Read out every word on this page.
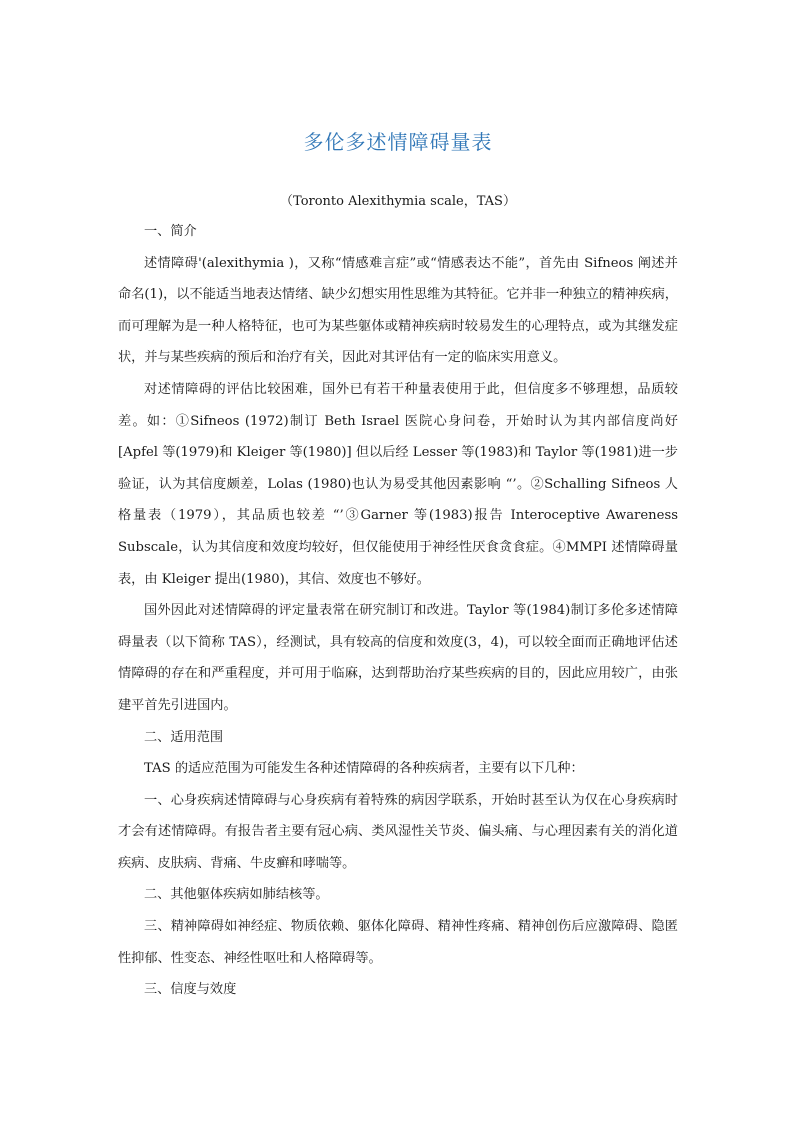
多伦多述情障碍量表
（Toronto Alexithymia scale，TAS）

一、简介

述情障碍'(alexithymia )，又称“情感难言症”或“情感表达不能”，首先由 Sifneos 阐述并命名(1)，以不能适当地表达情绪、缺少幻想实用性思维为其特征。它并非一种独立的精神疾病，而可理解为是一种人格特征，也可为某些躯体或精神疾病时较易发生的心理特点，或为其继发症状，并与某些疾病的预后和治疗有关，因此对其评估有一定的临床实用意义。

对述情障碍的评估比较困难，国外已有若干种量表使用于此，但信度多不够理想，品质较差。如：①Sifneos (1972)制订 Beth Israel 医院心身问卷，开始时认为其内部信度尚好[Apfel 等(1979)和 Kleiger 等(1980)] 但以后经 Lesser 等(1983)和 Taylor 等(1981)进一步验证，认为其信度颇差，Lolas (1980)也认为易受其他因素影响 “’。②Schalling Sifneos 人格量表（1979），其品质也较差 “’③Garner 等(1983)报告 Interoceptive Awareness Subscale，认为其信度和效度均较好，但仅能使用于神经性厌食贪食症。④MMPI 述情障碍量表，由 Kleiger 提出(1980)，其信、效度也不够好。

国外因此对述情障碍的评定量表常在研究制订和改进。Taylor 等(1984)制订多伦多述情障碍量表（以下简称 TAS），经测试，具有较高的信度和效度(3，4)，可以较全面而正确地评估述情障碍的存在和严重程度，并可用于临麻，达到帮助治疗某些疾病的目的，因此应用较广，由张建平首先引进国内。

二、适用范围

TAS 的适应范围为可能发生各种述情障碍的各种疾病者，主要有以下几种：

一、心身疾病述情障碍与心身疾病有着特殊的病因学联系，开始时甚至认为仅在心身疾病时才会有述情障碍。有报告者主要有冠心病、类风湿性关节炎、偏头痛、与心理因素有关的消化道疾病、皮肤病、背痛、牛皮癣和哮喘等。

二、其他躯体疾病如肺结核等。

三、精神障碍如神经症、物质依赖、躯体化障碍、精神性疼痛、精神创伤后应激障碍、隐匿性抑郁、性变态、神经性呕吐和人格障碍等。

三、信度与效度
